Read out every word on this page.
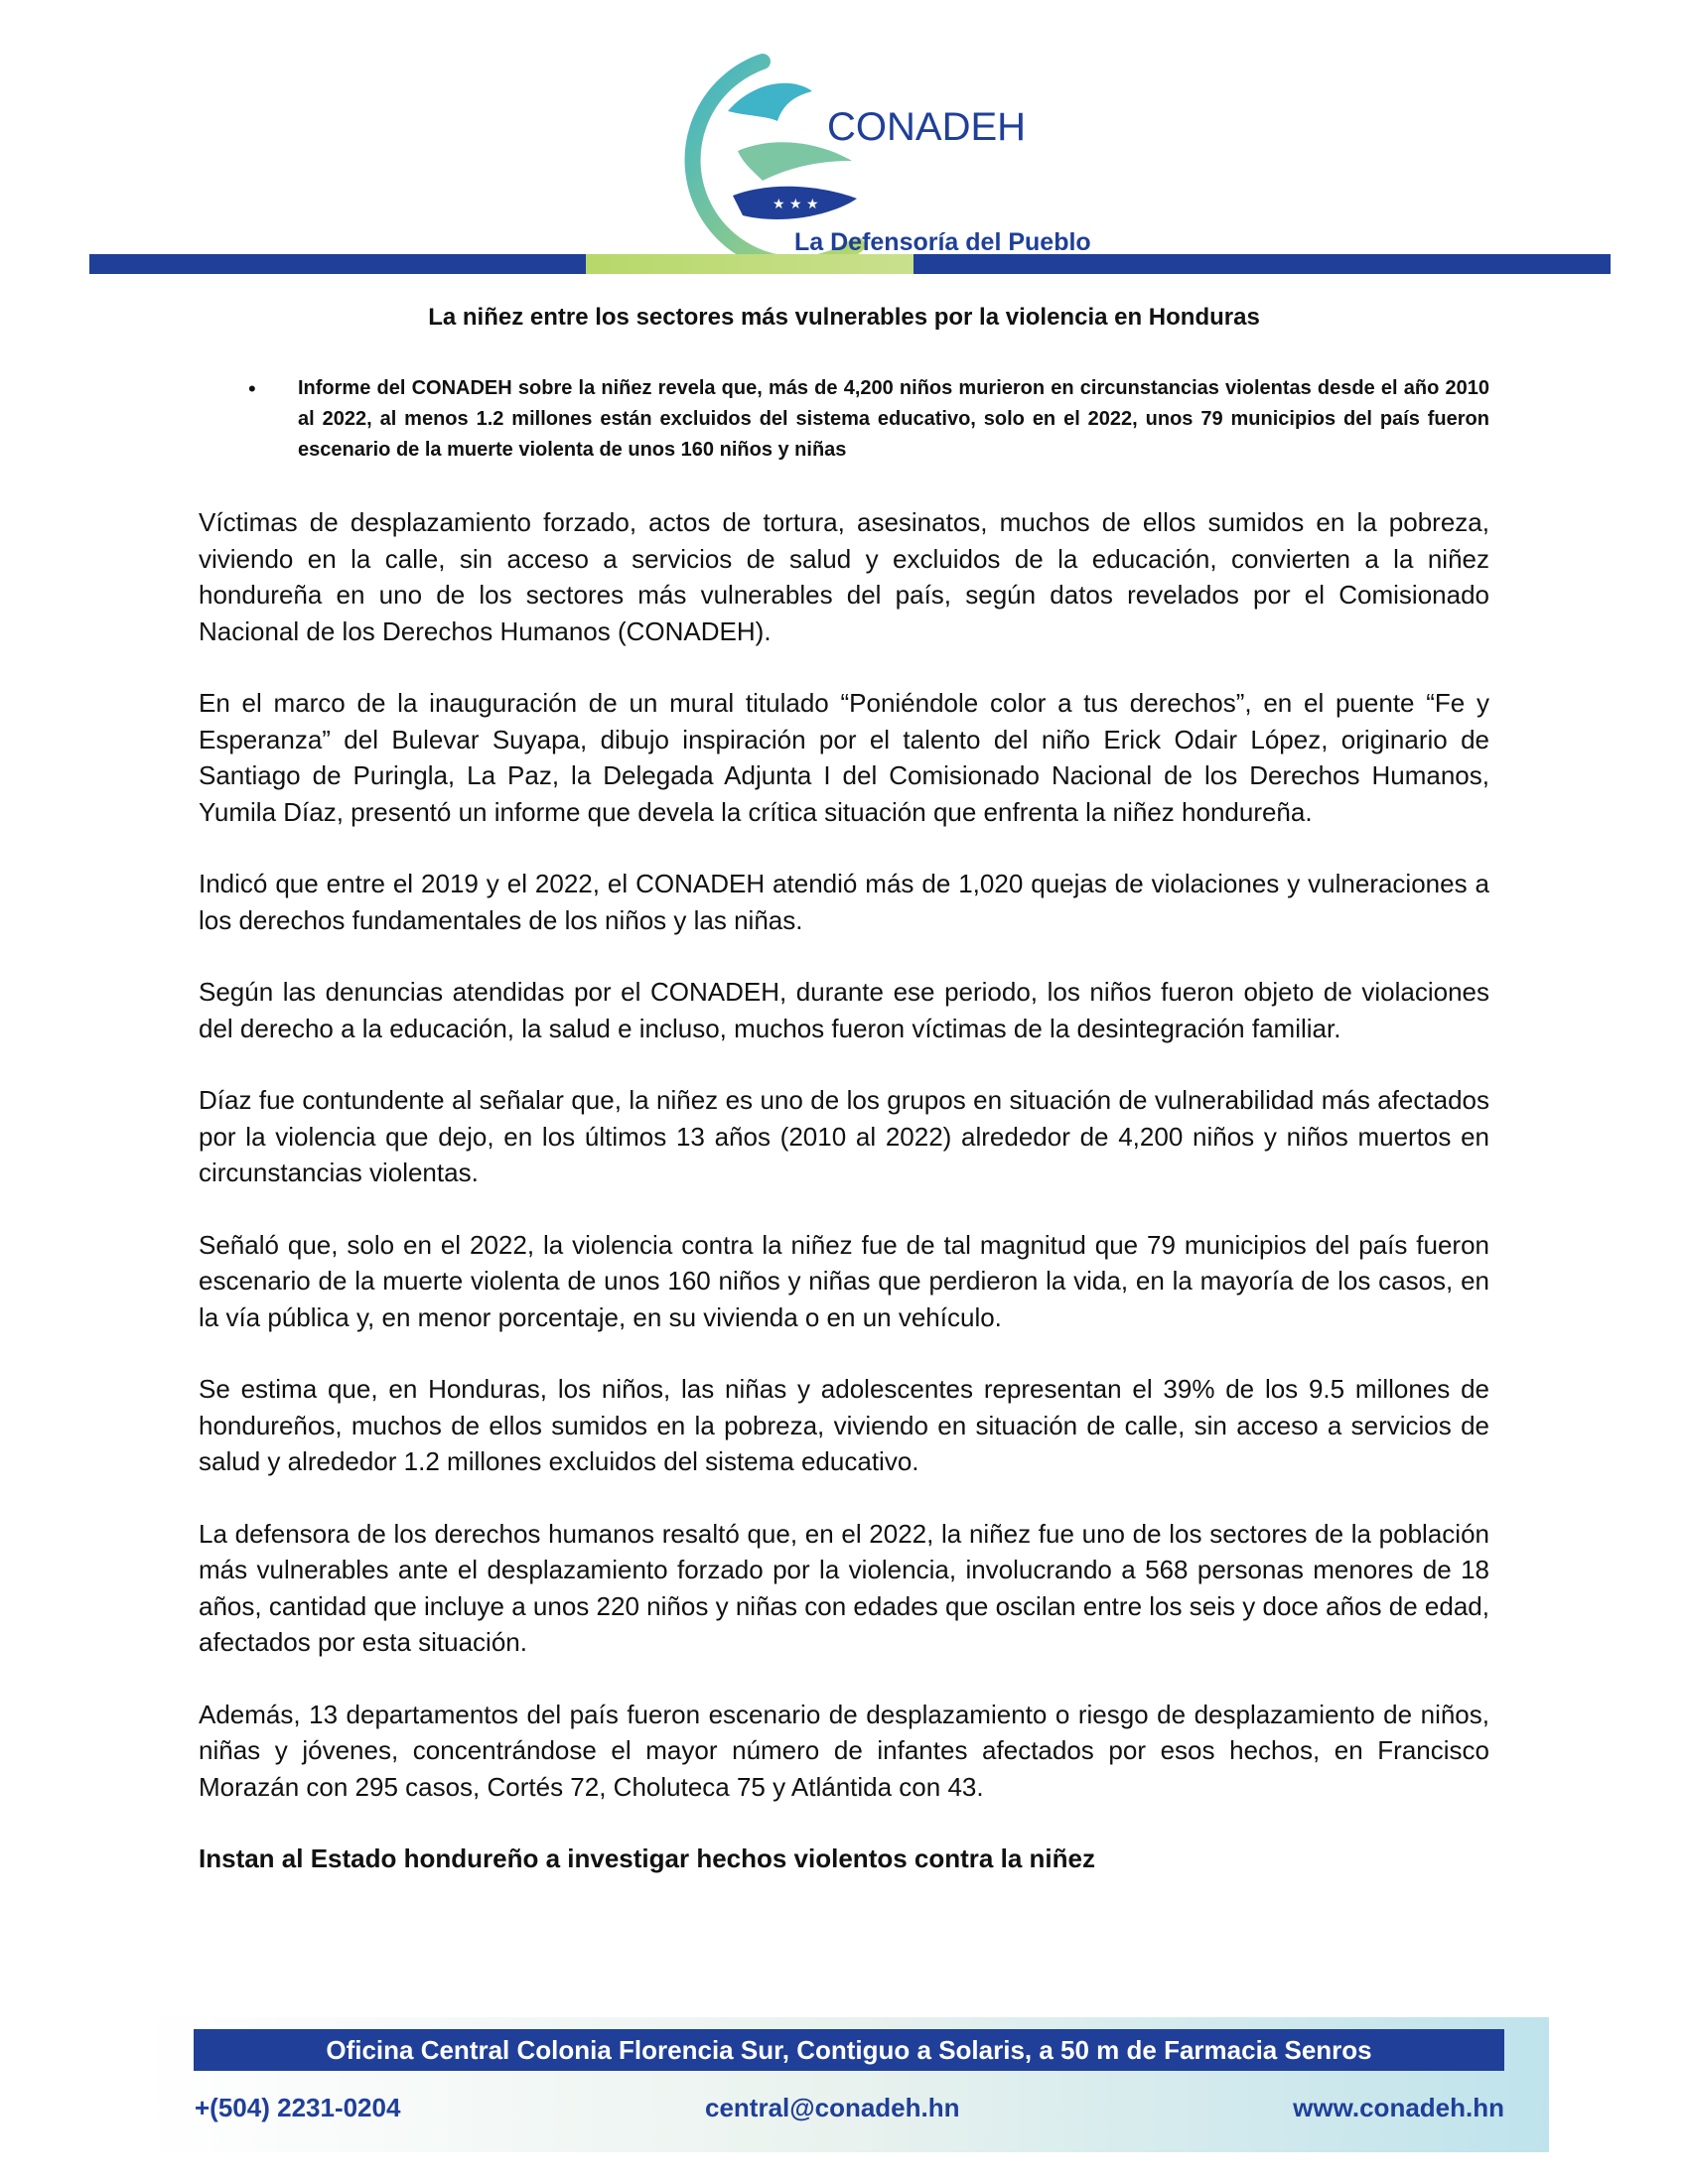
★ ★ ★
CONADEH
La Defensoría del Pueblo
La niñez entre los sectores más vulnerables por la violencia en Honduras
•	Informe del CONADEH sobre la niñez revela que, más de 4,200 niños murieron en circunstancias violentas desde el año 2010 al 2022, al menos 1.2 millones están excluidos del sistema educativo, solo en el 2022, unos 79 municipios del país fueron escenario de la muerte violenta de unos 160 niños y niñas

Víctimas de desplazamiento forzado, actos de tortura, asesinatos, muchos de ellos sumidos en la pobreza, viviendo en la calle, sin acceso a servicios de salud y excluidos de la educación, convierten a la niñez hondureña en uno de los sectores más vulnerables del país, según datos revelados por el Comisionado Nacional de los Derechos Humanos (CONADEH).

En el marco de la inauguración de un mural titulado “Poniéndole color a tus derechos”, en el puente “Fe y Esperanza” del Bulevar Suyapa, dibujo inspiración por el talento del niño Erick Odair López, originario de Santiago de Puringla, La Paz, la Delegada Adjunta I del Comisionado Nacional de los Derechos Humanos, Yumila Díaz, presentó un informe que devela la crítica situación que enfrenta la niñez hondureña.

Indicó que entre el 2019 y el 2022, el CONADEH atendió más de 1,020 quejas de violaciones y vulneraciones a los derechos fundamentales de los niños y las niñas.

Según las denuncias atendidas por el CONADEH, durante ese periodo, los niños fueron objeto de violaciones del derecho a la educación, la salud e incluso, muchos fueron víctimas de la desintegración familiar.

Díaz fue contundente al señalar que, la niñez es uno de los grupos en situación de vulnerabilidad más afectados por la violencia que dejo, en los últimos 13 años (2010 al 2022) alrededor de 4,200 niños y niños muertos en circunstancias violentas.

Señaló que, solo en el 2022, la violencia contra la niñez fue de tal magnitud que 79 municipios del país fueron escenario de la muerte violenta de unos 160 niños y niñas que perdieron la vida, en la mayoría de los casos, en la vía pública y, en menor porcentaje, en su vivienda o en un vehículo.

Se estima que, en Honduras, los niños, las niñas y adolescentes representan el 39% de los 9.5 millones de hondureños, muchos de ellos sumidos en la pobreza, viviendo en situación de calle, sin acceso a servicios de salud y alrededor 1.2 millones excluidos del sistema educativo.

La defensora de los derechos humanos resaltó que, en el 2022, la niñez fue uno de los sectores de la población más vulnerables ante el desplazamiento forzado por la violencia, involucrando a 568 personas menores de 18 años, cantidad que incluye a unos 220 niños y niñas con edades que oscilan entre los seis y doce años de edad, afectados por esta situación.

Además, 13 departamentos del país fueron escenario de desplazamiento o riesgo de desplazamiento de niños, niñas y jóvenes, concentrándose el mayor número de infantes afectados por esos hechos, en Francisco Morazán con 295 casos, Cortés 72, Choluteca 75 y Atlántida con 43.

Instan al Estado hondureño a investigar hechos violentos contra la niñez
Oficina Central Colonia Florencia Sur, Contiguo a Solaris, a 50 m de Farmacia Senros
+(504) 2231-0204	central@conadeh.hn	www.conadeh.hn
